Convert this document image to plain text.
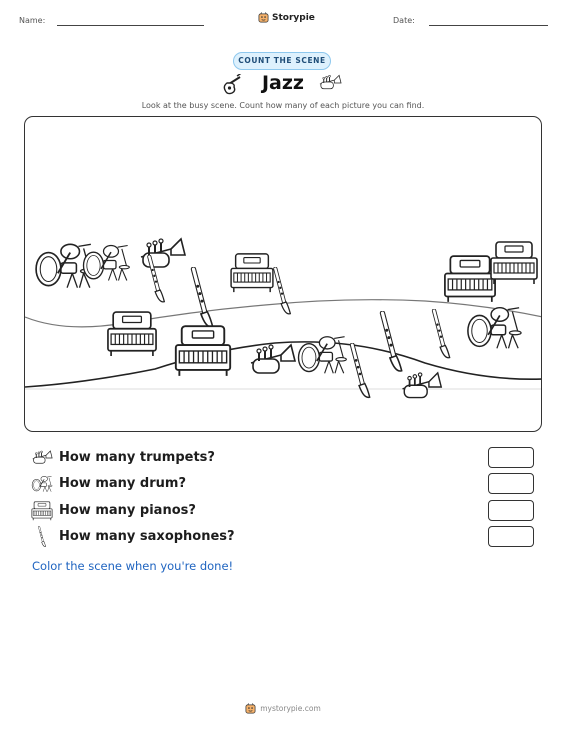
Name:	Storypie	Date:
COUNT THE SCENE
Jazz
Look at the busy scene. Count how many of each picture you can find.
How many trumpets?
How many drum?
How many pianos?
How many saxophones?
Color the scene when you're done!
mystorypie.com
